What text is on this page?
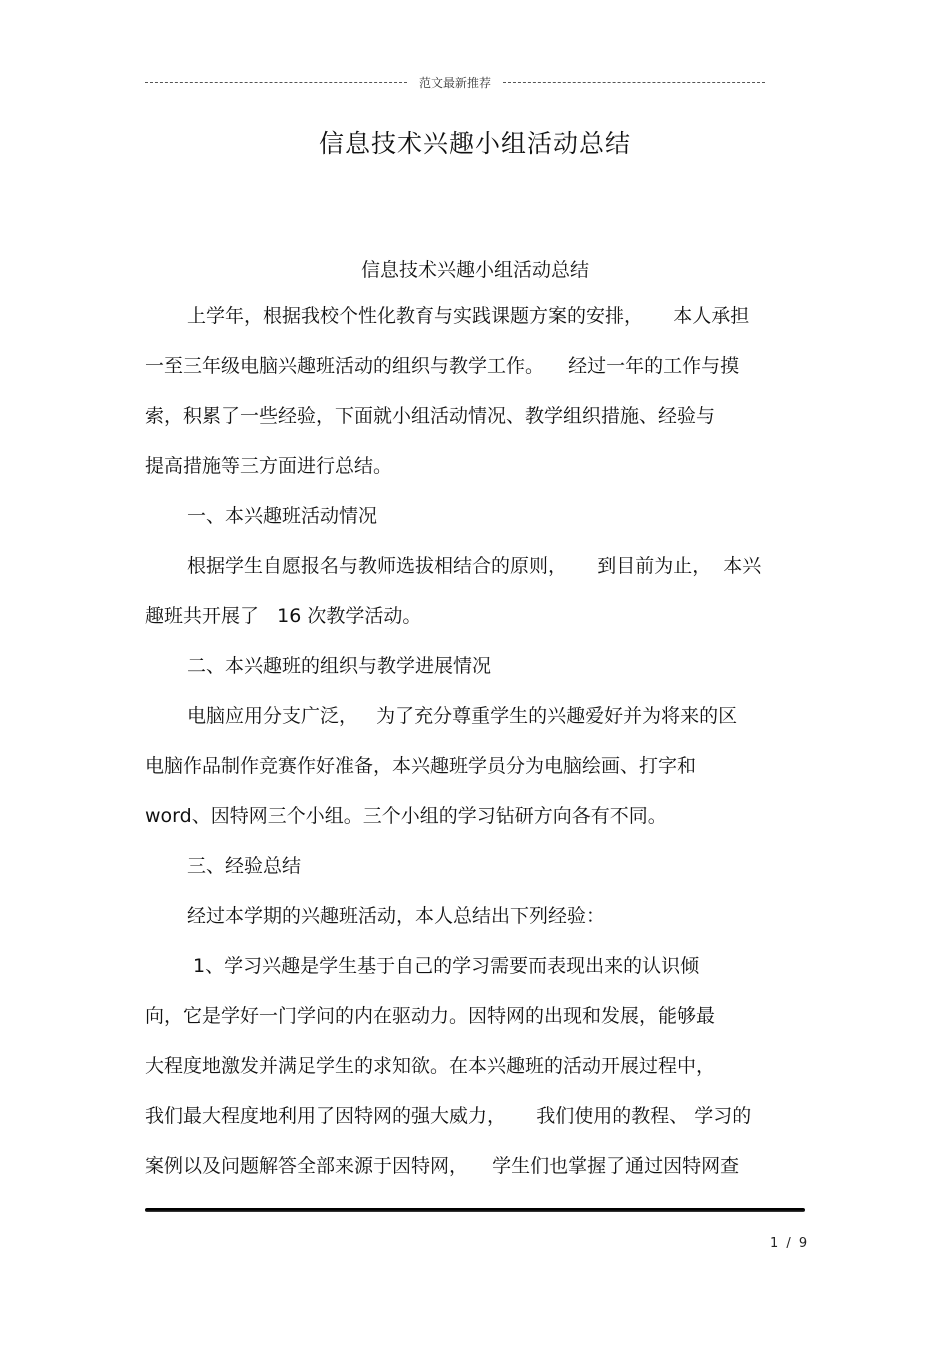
范文最新推荐
信息技术兴趣小组活动总结
信息技术兴趣小组活动总结
上学年，根据我校个性化教育与实践课题方案的安排，     本人承担
一至三年级电脑兴趣班活动的组织与教学工作。    经过一年的工作与摸
索，积累了一些经验，下面就小组活动情况、教学组织措施、经验与
提高措施等三方面进行总结。
一、本兴趣班活动情况
根据学生自愿报名与教师选拔相结合的原则，     到目前为止，  本兴
趣班共开展了   16 次教学活动。
二、本兴趣班的组织与教学进展情况
电脑应用分支广泛，   为了充分尊重学生的兴趣爱好并为将来的区
电脑作品制作竞赛作好准备，本兴趣班学员分为电脑绘画、打字和
word、因特网三个小组。三个小组的学习钻研方向各有不同。
三、经验总结
经过本学期的兴趣班活动，本人总结出下列经验：
1、学习兴趣是学生基于自己的学习需要而表现出来的认识倾
向，它是学好一门学问的内在驱动力。因特网的出现和发展，能够最
大程度地激发并满足学生的求知欲。在本兴趣班的活动开展过程中，
我们最大程度地利用了因特网的强大威力，     我们使用的教程、 学习的
案例以及问题解答全部来源于因特网，    学生们也掌握了通过因特网查
1 / 9
